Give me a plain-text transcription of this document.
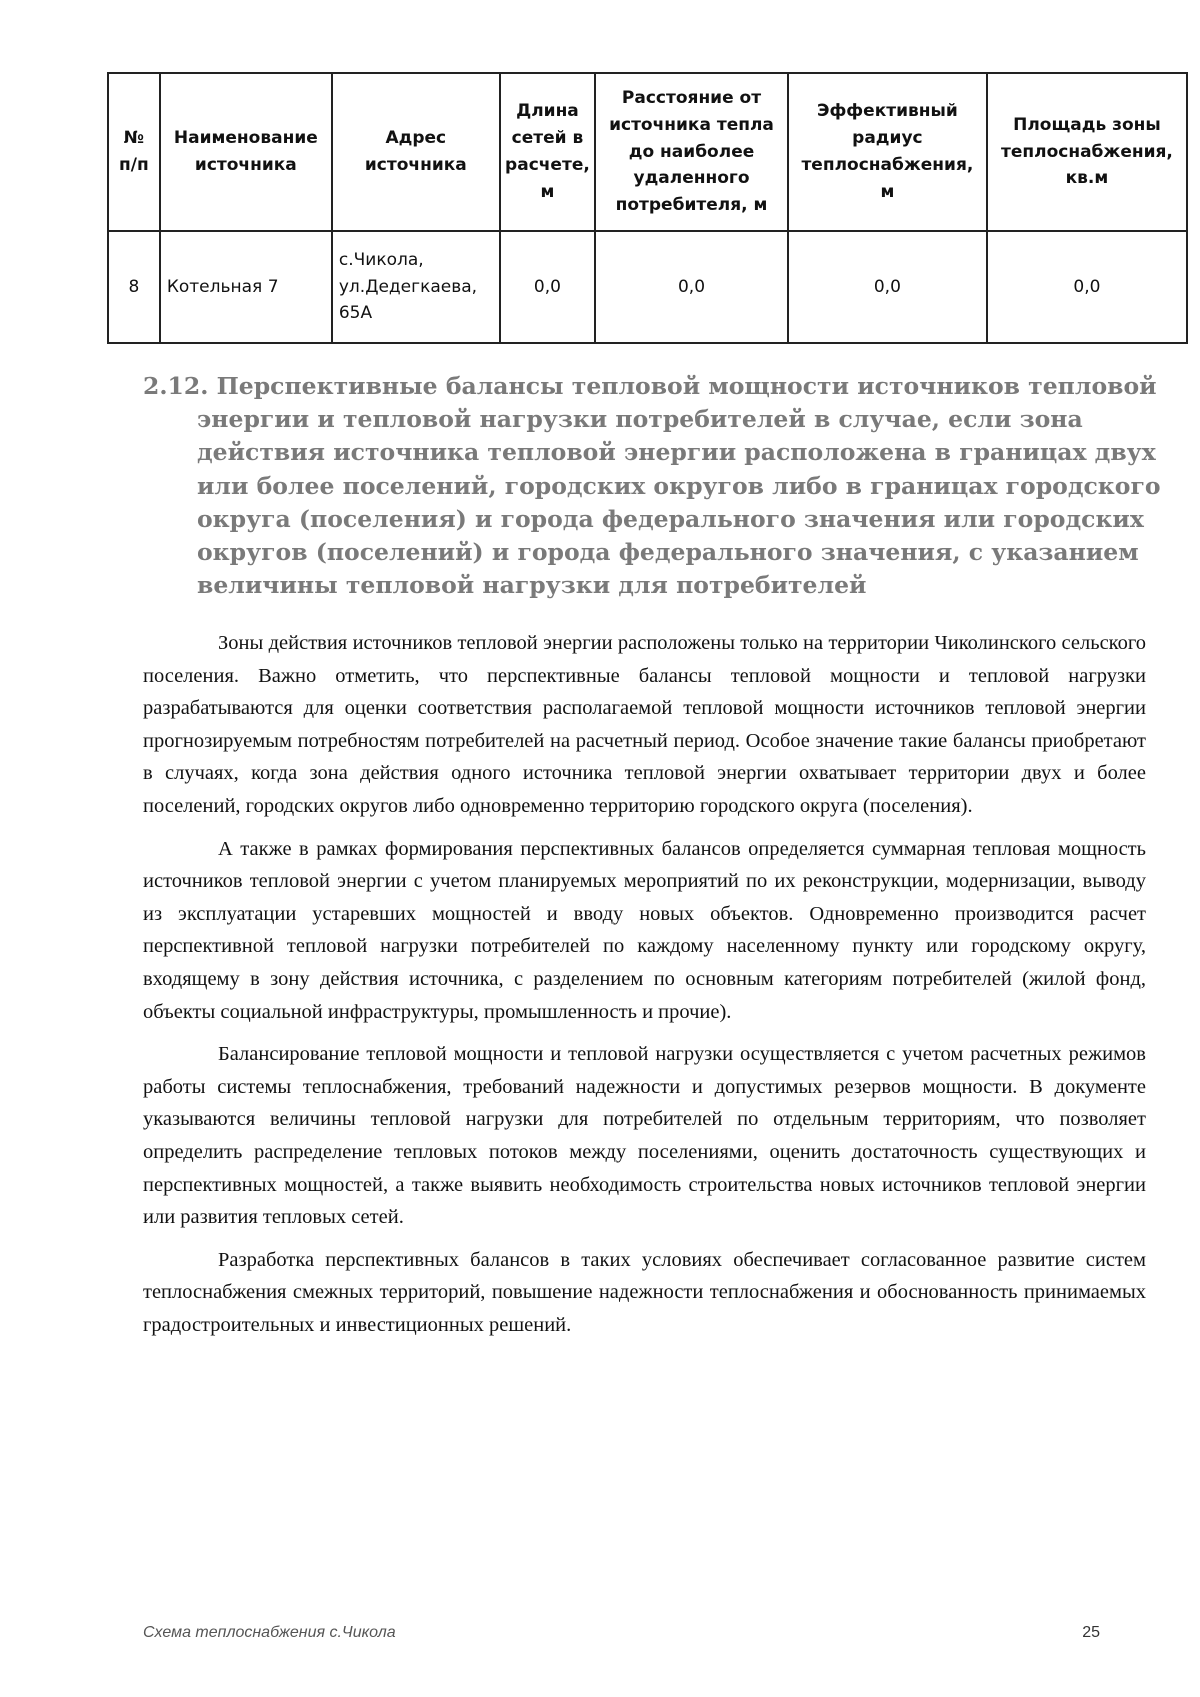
№ п/п	Наименование источника	Адрес источника	Длина сетей в расчете, м	Расстояние от источника тепла до наиболее удаленного потребителя, м	Эффективный радиус теплоснабжения, м	Площадь зоны теплоснабжения, кв.м
8	Котельная 7	с.Чикола, ул.Дедегкаева, 65А	0,0	0,0	0,0	0,0
2.12. Перспективные балансы тепловой мощности источников тепловой энергии и тепловой нагрузки потребителей в случае, если зона действия источника тепловой энергии расположена в границах двух или более поселений, городских округов либо в границах городского округа (поселения) и города федерального значения или городских округов (поселений) и города федерального значения, с указанием величины тепловой нагрузки для потребителей

Зоны действия источников тепловой энергии расположены только на территории Чиколинского сельского поселения. Важно отметить, что перспективные балансы тепловой мощности и тепловой нагрузки разрабатываются для оценки соответствия располагаемой тепловой мощности источников тепловой энергии прогнозируемым потребностям потребителей на расчетный период. Особое значение такие балансы приобретают в случаях, когда зона действия одного источника тепловой энергии охватывает территории двух и более поселений, городских округов либо одновременно территорию городского округа (поселения).

А также в рамках формирования перспективных балансов определяется суммарная тепловая мощность источников тепловой энергии с учетом планируемых мероприятий по их реконструкции, модернизации, выводу из эксплуатации устаревших мощностей и вводу новых объектов. Одновременно производится расчет перспективной тепловой нагрузки потребителей по каждому населенному пункту или городскому округу, входящему в зону действия источника, с разделением по основным категориям потребителей (жилой фонд, объекты социальной инфраструктуры, промышленность и прочие).

Балансирование тепловой мощности и тепловой нагрузки осуществляется с учетом расчетных режимов работы системы теплоснабжения, требований надежности и допустимых резервов мощности. В документе указываются величины тепловой нагрузки для потребителей по отдельным территориям, что позволяет определить распределение тепловых потоков между поселениями, оценить достаточность существующих и перспективных мощностей, а также выявить необходимость строительства новых источников тепловой энергии или развития тепловых сетей.

Разработка перспективных балансов в таких условиях обеспечивает согласованное развитие систем теплоснабжения смежных территорий, повышение надежности теплоснабжения и обоснованность принимаемых градостроительных и инвестиционных решений.

Схема теплоснабжения с.Чикола	25
